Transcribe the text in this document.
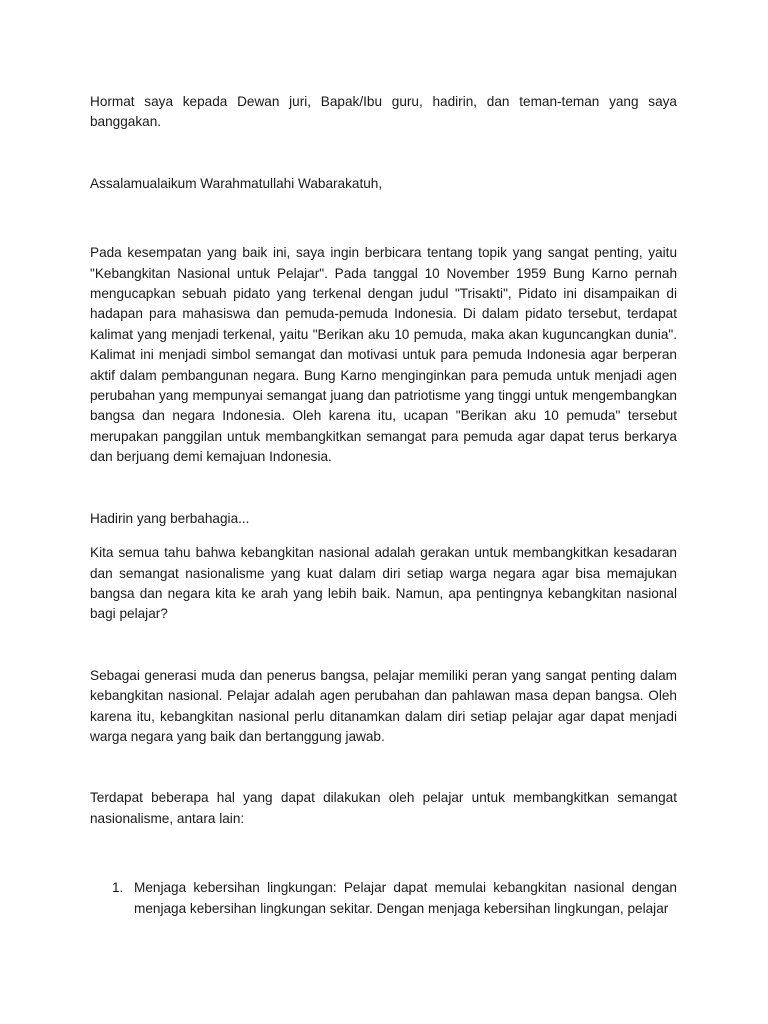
Hormat saya kepada Dewan juri, Bapak/Ibu guru, hadirin, dan teman-teman yang saya banggakan.

Assalamualaikum Warahmatullahi Wabarakatuh,

Pada kesempatan yang baik ini, saya ingin berbicara tentang topik yang sangat penting, yaitu "Kebangkitan Nasional untuk Pelajar". Pada tanggal 10 November 1959 Bung Karno pernah mengucapkan sebuah pidato yang terkenal dengan judul "Trisakti", Pidato ini disampaikan di hadapan para mahasiswa dan pemuda-pemuda Indonesia. Di dalam pidato tersebut, terdapat kalimat yang menjadi terkenal, yaitu "Berikan aku 10 pemuda, maka akan kuguncangkan dunia". Kalimat ini menjadi simbol semangat dan motivasi untuk para pemuda Indonesia agar berperan aktif dalam pembangunan negara. Bung Karno menginginkan para pemuda untuk menjadi agen perubahan yang mempunyai semangat juang dan patriotisme yang tinggi untuk mengembangkan bangsa dan negara Indonesia. Oleh karena itu, ucapan "Berikan aku 10 pemuda" tersebut merupakan panggilan untuk membangkitkan semangat para pemuda agar dapat terus berkarya dan berjuang demi kemajuan Indonesia.

Hadirin yang berbahagia...

Kita semua tahu bahwa kebangkitan nasional adalah gerakan untuk membangkitkan kesadaran dan semangat nasionalisme yang kuat dalam diri setiap warga negara agar bisa memajukan bangsa dan negara kita ke arah yang lebih baik. Namun, apa pentingnya kebangkitan nasional bagi pelajar?

Sebagai generasi muda dan penerus bangsa, pelajar memiliki peran yang sangat penting dalam kebangkitan nasional. Pelajar adalah agen perubahan dan pahlawan masa depan bangsa. Oleh karena itu, kebangkitan nasional perlu ditanamkan dalam diri setiap pelajar agar dapat menjadi warga negara yang baik dan bertanggung jawab.

Terdapat beberapa hal yang dapat dilakukan oleh pelajar untuk membangkitkan semangat nasionalisme, antara lain:

1. Menjaga kebersihan lingkungan: Pelajar dapat memulai kebangkitan nasional dengan menjaga kebersihan lingkungan sekitar. Dengan menjaga kebersihan lingkungan, pelajar
